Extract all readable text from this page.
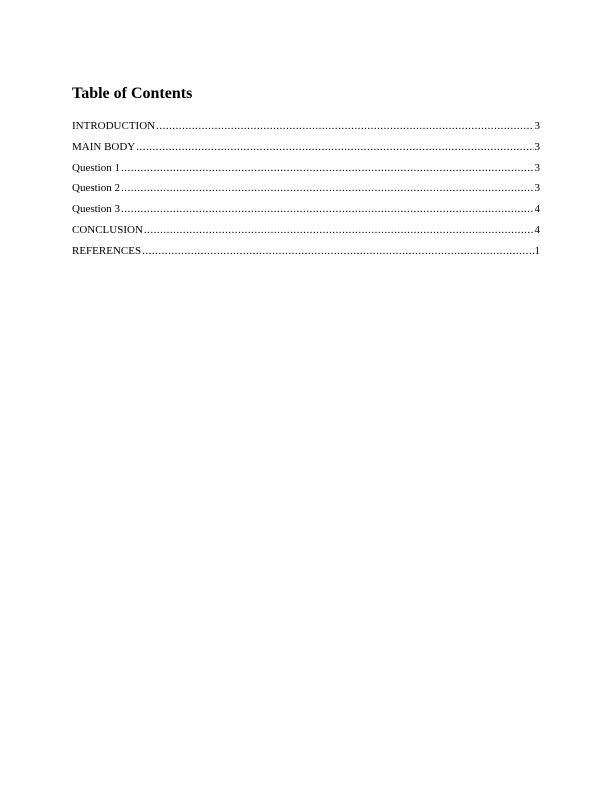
Table of Contents
INTRODUCTION .....	3
MAIN BODY .....	3
Question 1 .....	3
Question 2 .....	3
Question 3 .....	4
CONCLUSION .....	4
REFERENCES .....	1
